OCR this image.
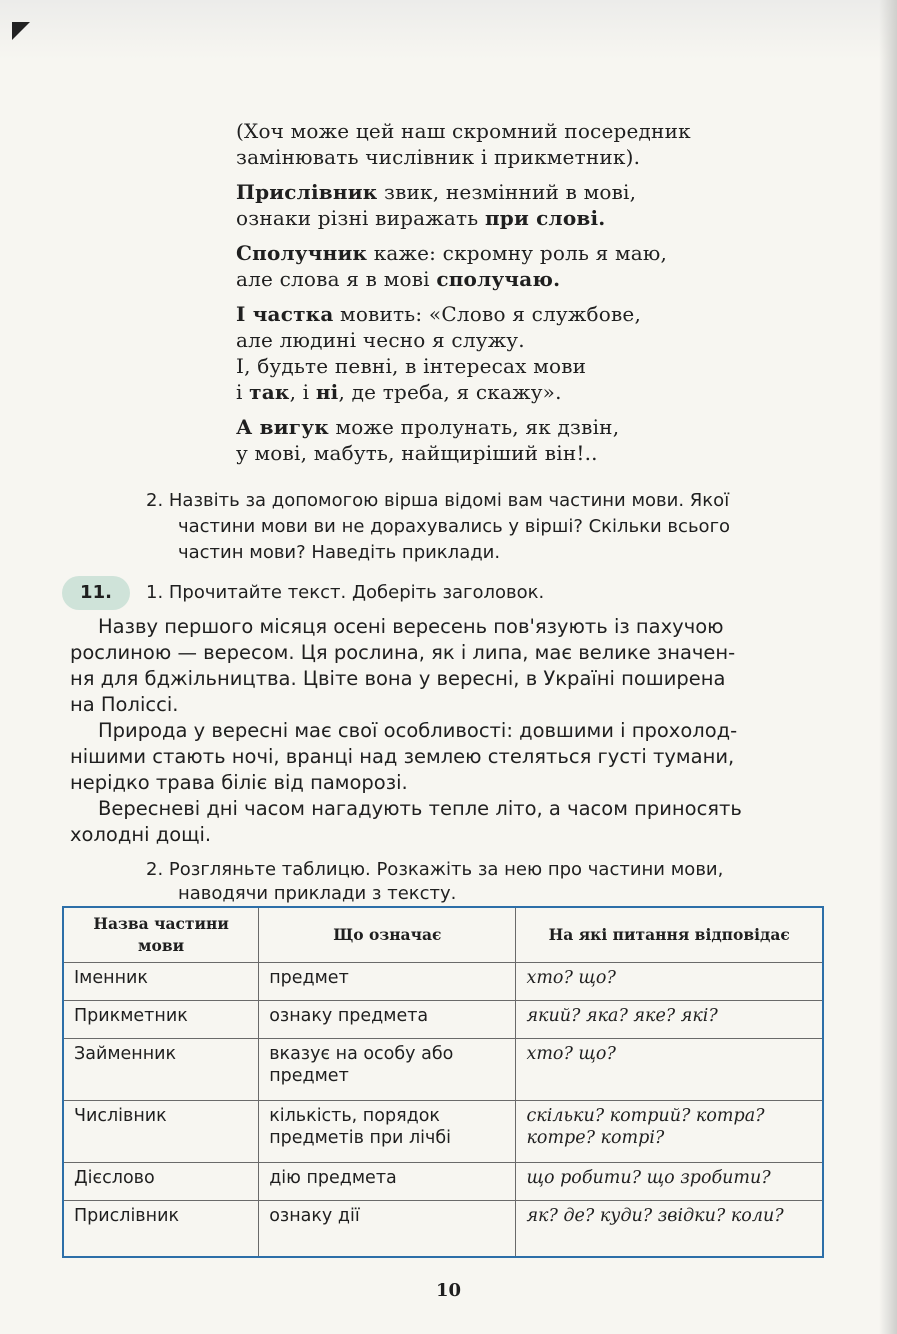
(Хоч може цей наш скромний посередник

замінювать числівник і прикметник).

Прислівник звик, незмінний в мові,

ознаки різні виражать при слові.

Сполучник каже: скромну роль я маю,

але слова я в мові сполучаю.

І частка мовить: «Слово я службове,

але людині чесно я служу.

І, будьте певні, в інтересах мови

і так, і ні, де треба, я скажу».

А вигук може пролунать, як дзвін,

у мові, мабуть, найщиріший він!..

2. Назвіть за допомогою вірша відомі вам частини мови. Якої
частини мови ви не дорахувались у вірші? Скільки всього
частин мови? Наведіть приклади.
11.	1. Прочитайте текст. Доберіть заголовок.

Назву першого місяця осені вересень пов'язують із пахучою
рослиною — вересом. Ця рослина, як і липа, має велике значен-
ня для бджільництва. Цвіте вона у вересні, в Україні поширена
на Поліссі.

Природа у вересні має свої особливості: довшими і прохолод-
нішими стають ночі, вранці над землею стеляться густі тумани,
нерідко трава біліє від паморозі.

Вересневі дні часом нагадують тепле літо, а часом приносять
холодні дощі.

2. Розгляньте таблицю. Розкажіть за нею про частини мови,
наводячи приклади з тексту.
Назва частини мови	Що означає	На які питання відповідає
Іменник	предмет	хто? що?
Прикметник	ознаку предмета	який? яка? яке? які?
Займенник	вказує на особу або предмет	хто? що?
Числівник	кількість, порядок предметів при лічбі	скільки? котрий? котра? котре? котрі?
Дієслово	дію предмета	що робити? що зробити?
Прислівник	ознаку дії	як? де? куди? звідки? коли?
10
